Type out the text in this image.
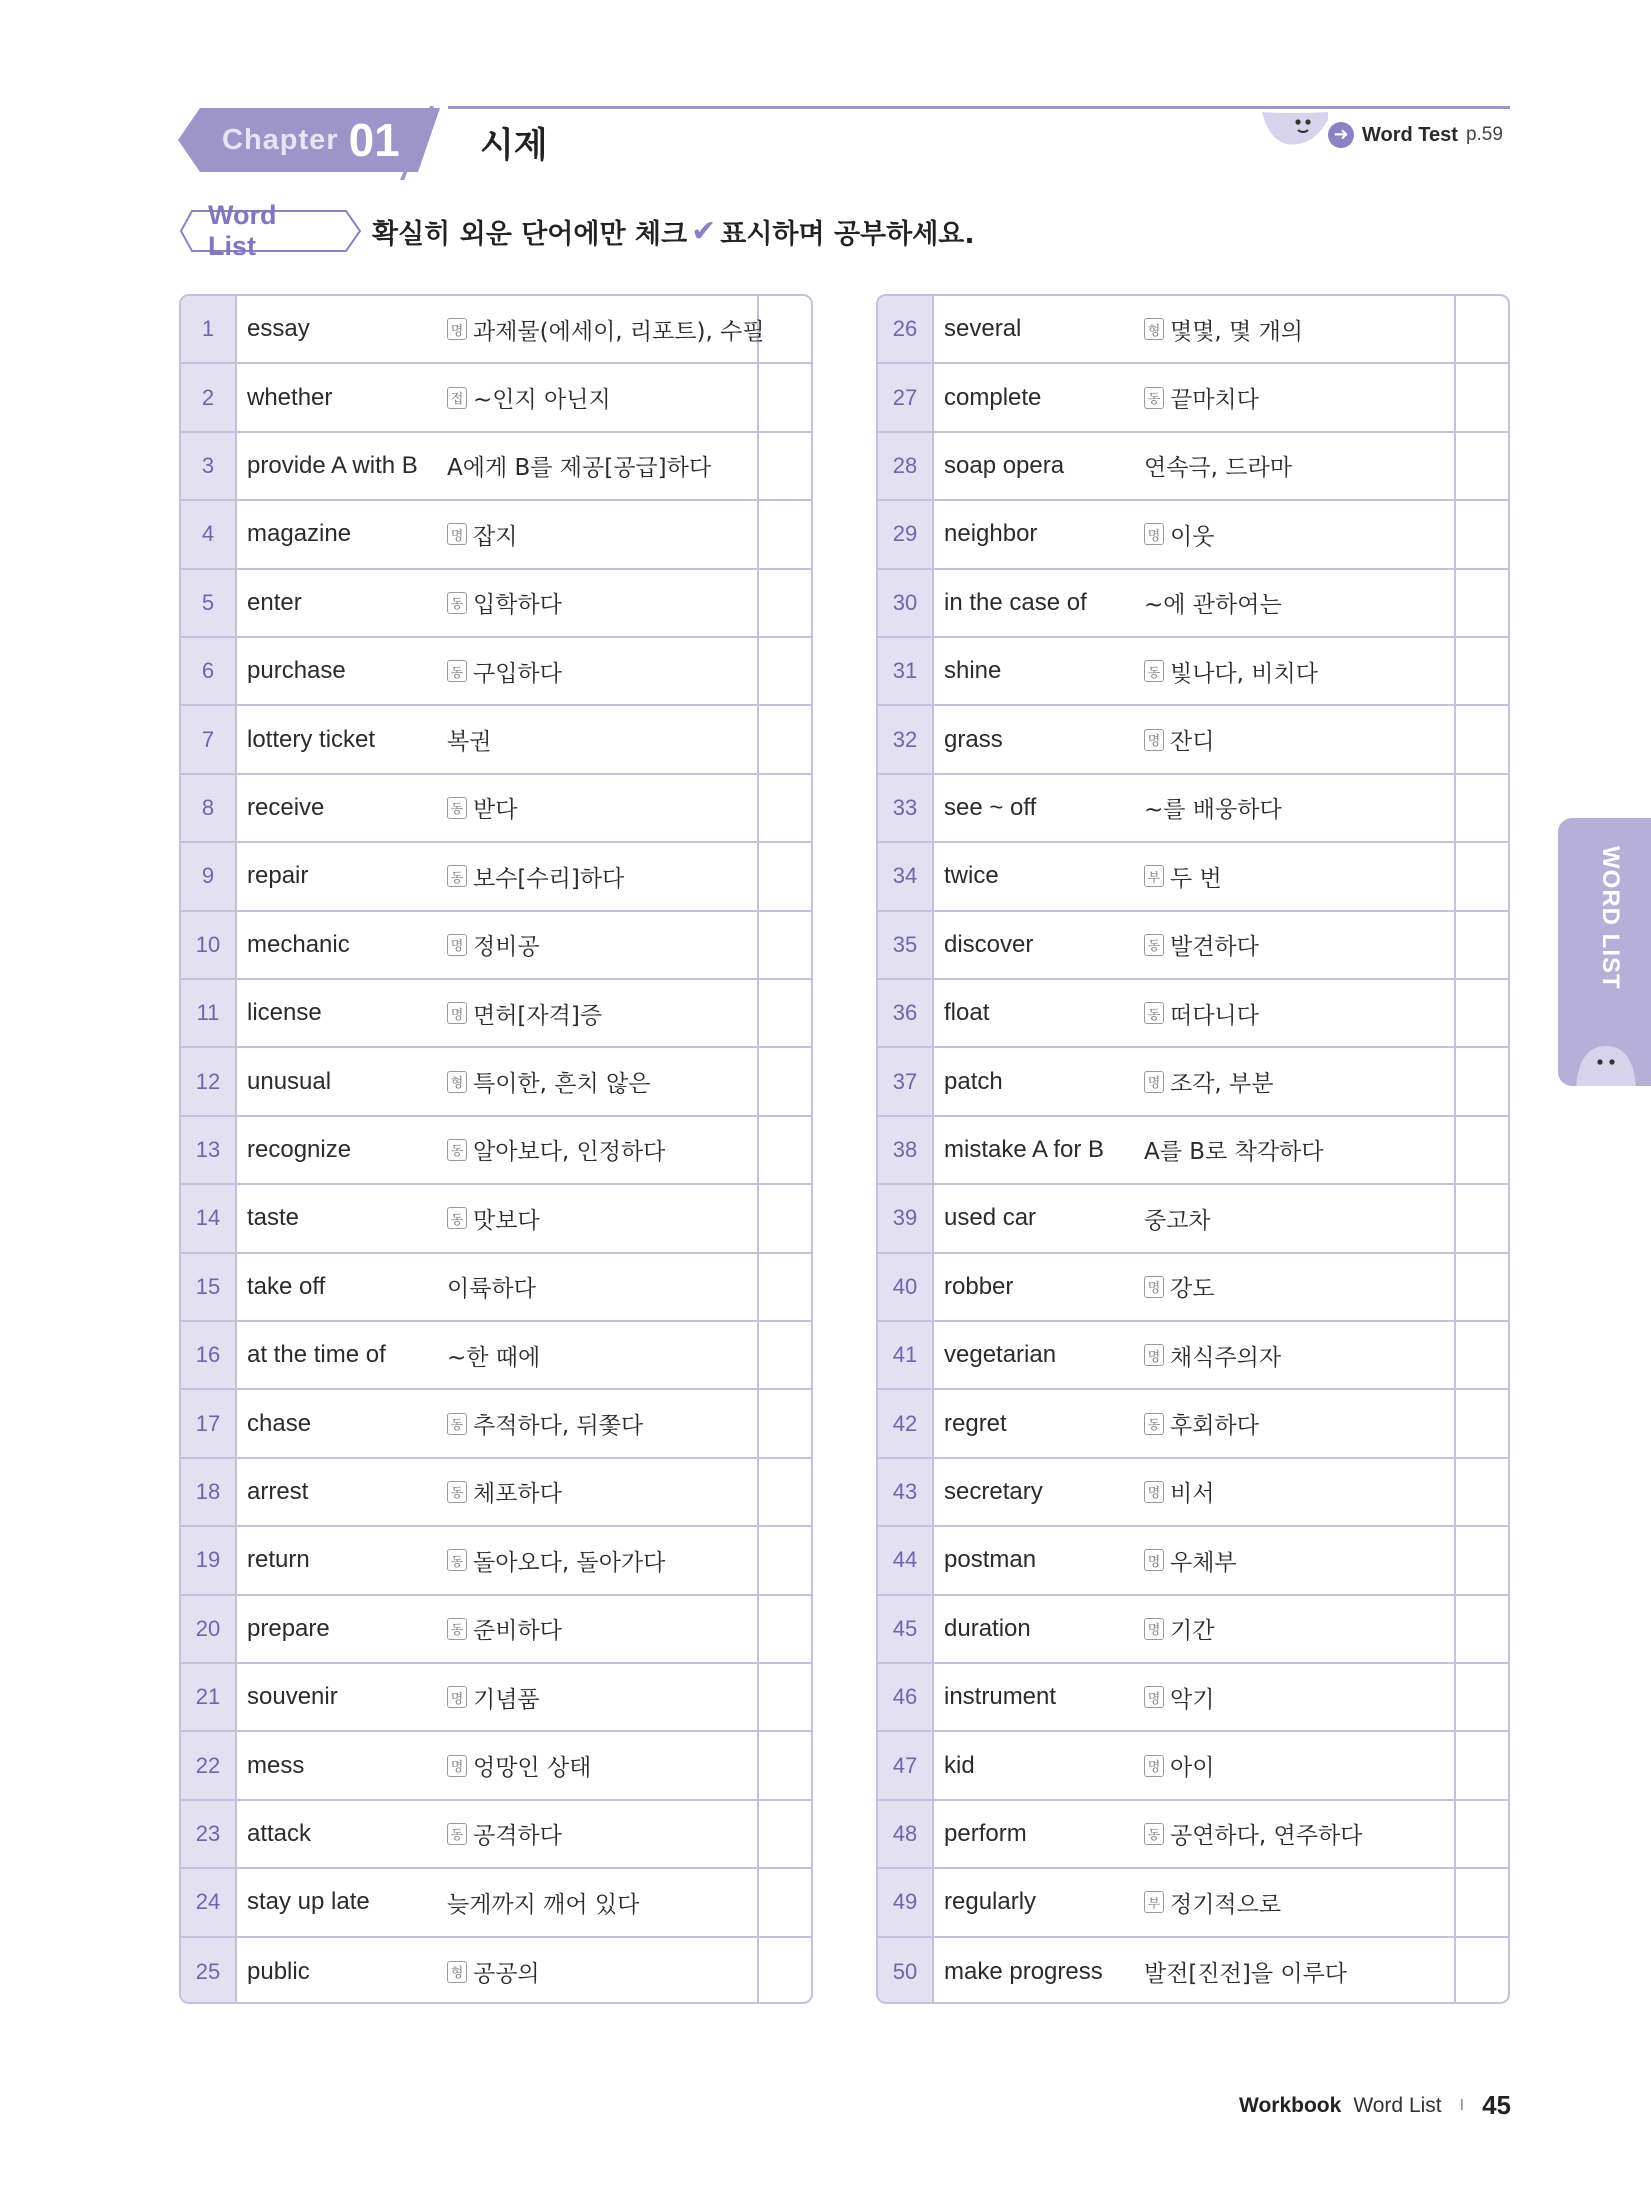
Chapter 01 시제	➜ Word Test p.59
Word List	확실히 외운 단어에만 체크 ✔ 표시하며 공부하세요.
1	essay	명 과제물(에세이, 리포트), 수필
2	whether	접 ~인지 아닌지
3	provide A with B	A에게 B를 제공[공급]하다
4	magazine	명 잡지
5	enter	동 입학하다
6	purchase	동 구입하다
7	lottery ticket	복권
8	receive	동 받다
9	repair	동 보수[수리]하다
10	mechanic	명 정비공
11	license	명 면허[자격]증
12	unusual	형 특이한, 흔치 않은
13	recognize	동 알아보다, 인정하다
14	taste	동 맛보다
15	take off	이륙하다
16	at the time of	~한 때에
17	chase	동 추적하다, 뒤쫓다
18	arrest	동 체포하다
19	return	동 돌아오다, 돌아가다
20	prepare	동 준비하다
21	souvenir	명 기념품
22	mess	명 엉망인 상태
23	attack	동 공격하다
24	stay up late	늦게까지 깨어 있다
25	public	형 공공의
26	several	형 몇몇, 몇 개의
27	complete	동 끝마치다
28	soap opera	연속극, 드라마
29	neighbor	명 이웃
30	in the case of	~에 관하여는
31	shine	동 빛나다, 비치다
32	grass	명 잔디
33	see ~ off	~를 배웅하다
34	twice	부 두 번
35	discover	동 발견하다
36	float	동 떠다니다
37	patch	명 조각, 부분
38	mistake A for B	A를 B로 착각하다
39	used car	중고차
40	robber	명 강도
41	vegetarian	명 채식주의자
42	regret	동 후회하다
43	secretary	명 비서
44	postman	명 우체부
45	duration	명 기간
46	instrument	명 악기
47	kid	명 아이
48	perform	동 공연하다, 연주하다
49	regularly	부 정기적으로
50	make progress	발전[진전]을 이루다
WORD LIST
Workbook Word List I 45
